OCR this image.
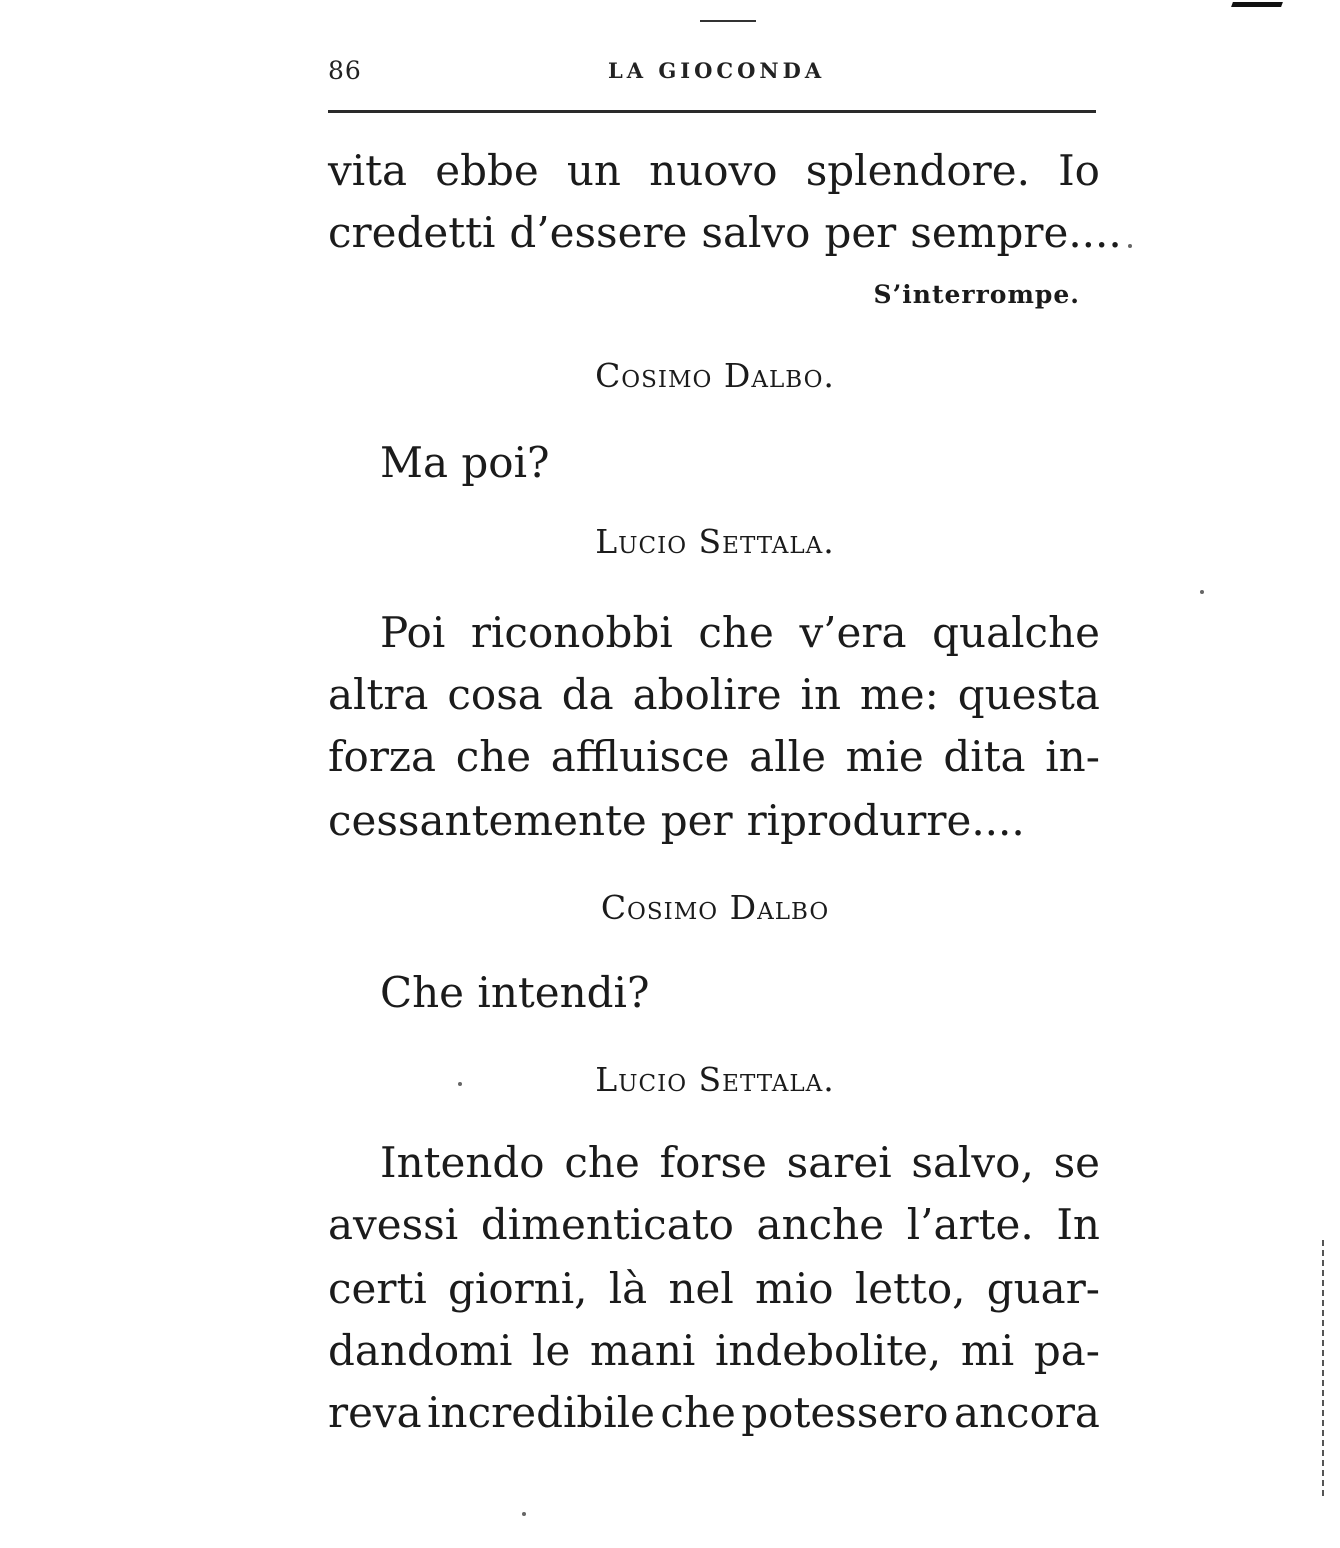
86	LA GIOCONDA
vita ebbe un nuovo splendore. Io
credetti d’essere salvo per sempre....
S’interrompe.
Cosimo Dalbo.
Ma poi?
Lucio Settala.
Poi riconobbi che v’era qualche
altra cosa da abolire in me: questa
forza che affluisce alle mie dita in-
cessantemente per riprodurre....
Cosimo Dalbo
Che intendi?
Lucio Settala.
Intendo che forse sarei salvo, se
avessi dimenticato anche l’arte. In
certi giorni, là nel mio letto, guar-
dandomi le mani indebolite, mi pa-
reva incredibile che potessero ancora
